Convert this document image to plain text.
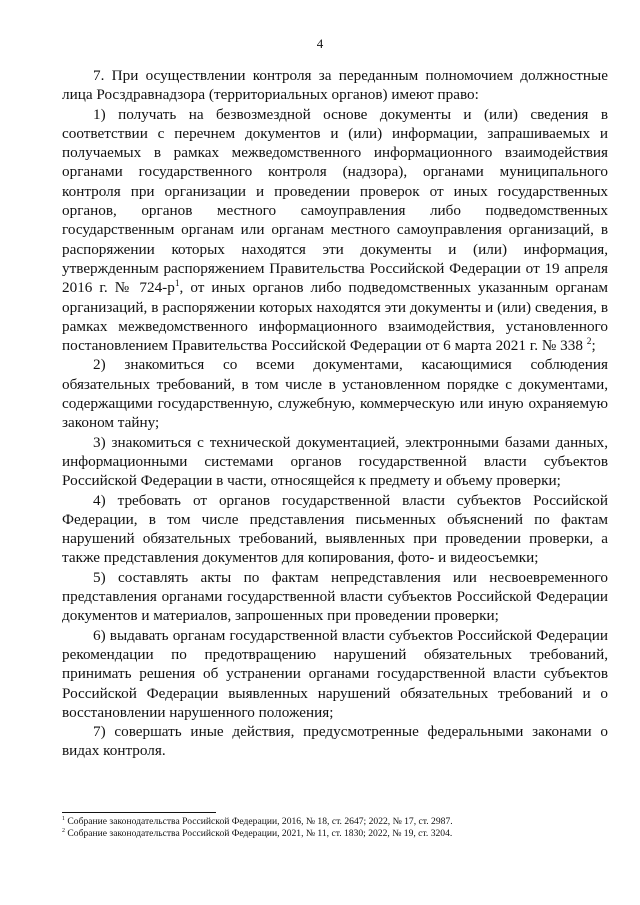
4

7. При осуществлении контроля за переданным полномочием должностные лица Росздравнадзора (территориальных органов) имеют право:

1) получать на безвозмездной основе документы и (или) сведения в соответствии с перечнем документов и (или) информации, запрашиваемых и получаемых в рамках межведомственного информационного взаимодействия органами государственного контроля (надзора), органами муниципального контроля при организации и проведении проверок от иных государственных органов, органов местного самоуправления либо подведомственных государственным органам или органам местного самоуправления организаций, в распоряжении которых находятся эти документы и (или) информация, утвержденным распоряжением Правительства Российской Федерации от 19 апреля 2016 г. № $724-р^1$, от иных органов либо подведомственных указанным органам организаций, в распоряжении которых находятся эти документы и (или) сведения, в рамках межведомственного информационного взаимодействия, установленного постановлением Правительства Российской Федерации от 6 марта 2021 г. № 338 $^2$;

2) знакомиться со всеми документами, касающимися соблюдения обязательных требований, в том числе в установленном порядке с документами, содержащими государственную, служебную, коммерческую или иную охраняемую законом тайну;

3) знакомиться с технической документацией, электронными базами данных, информационными системами органов государственной власти субъектов Российской Федерации в части, относящейся к предмету и объему проверки;

4) требовать от органов государственной власти субъектов Российской Федерации, в том числе представления письменных объяснений по фактам нарушений обязательных требований, выявленных при проведении проверки, а также представления документов для копирования, фото- и видеосъемки;

5) составлять акты по фактам непредставления или несвоевременного представления органами государственной власти субъектов Российской Федерации документов и материалов, запрошенных при проведении проверки;

6) выдавать органам государственной власти субъектов Российской Федерации рекомендации по предотвращению нарушений обязательных требований, принимать решения об устранении органами государственной власти субъектов Российской Федерации выявленных нарушений обязательных требований и о восстановлении нарушенного положения;

7) совершать иные действия, предусмотренные федеральными законами о видах контроля.

$^1$ Собрание законодательства Российской Федерации, 2016, № 18, ст. 2647; 2022, № 17, ст. 2987.

$^2$ Собрание законодательства Российской Федерации, 2021, № 11, ст. 1830; 2022, № 19, ст. 3204.
